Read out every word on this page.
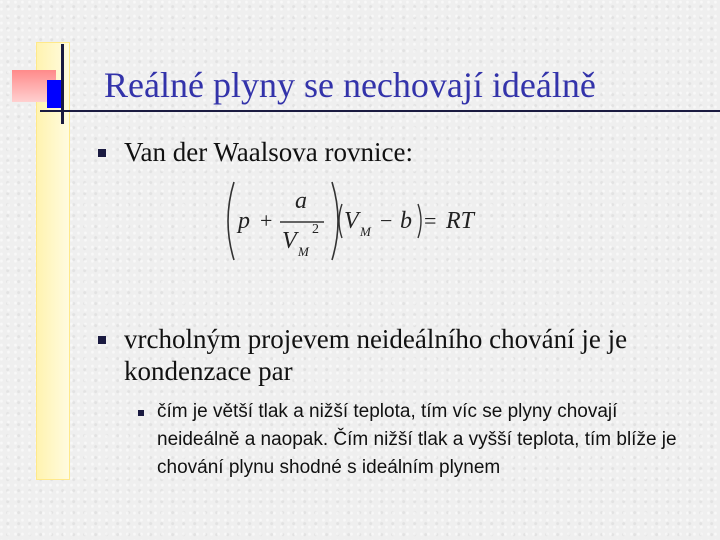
Reálné plyny se nechovají ideálně
Van der Waalsova rovnice:
p +
a
V M
2 V M − b = RT
vrcholným projevem neideálního chování je je kondenzace par
čím je větší tlak a nižší teplota, tím víc se plyny chovají neideálně a naopak. Čím nižší tlak a vyšší teplota, tím blíže je chování plynu shodné s ideálním plynem
